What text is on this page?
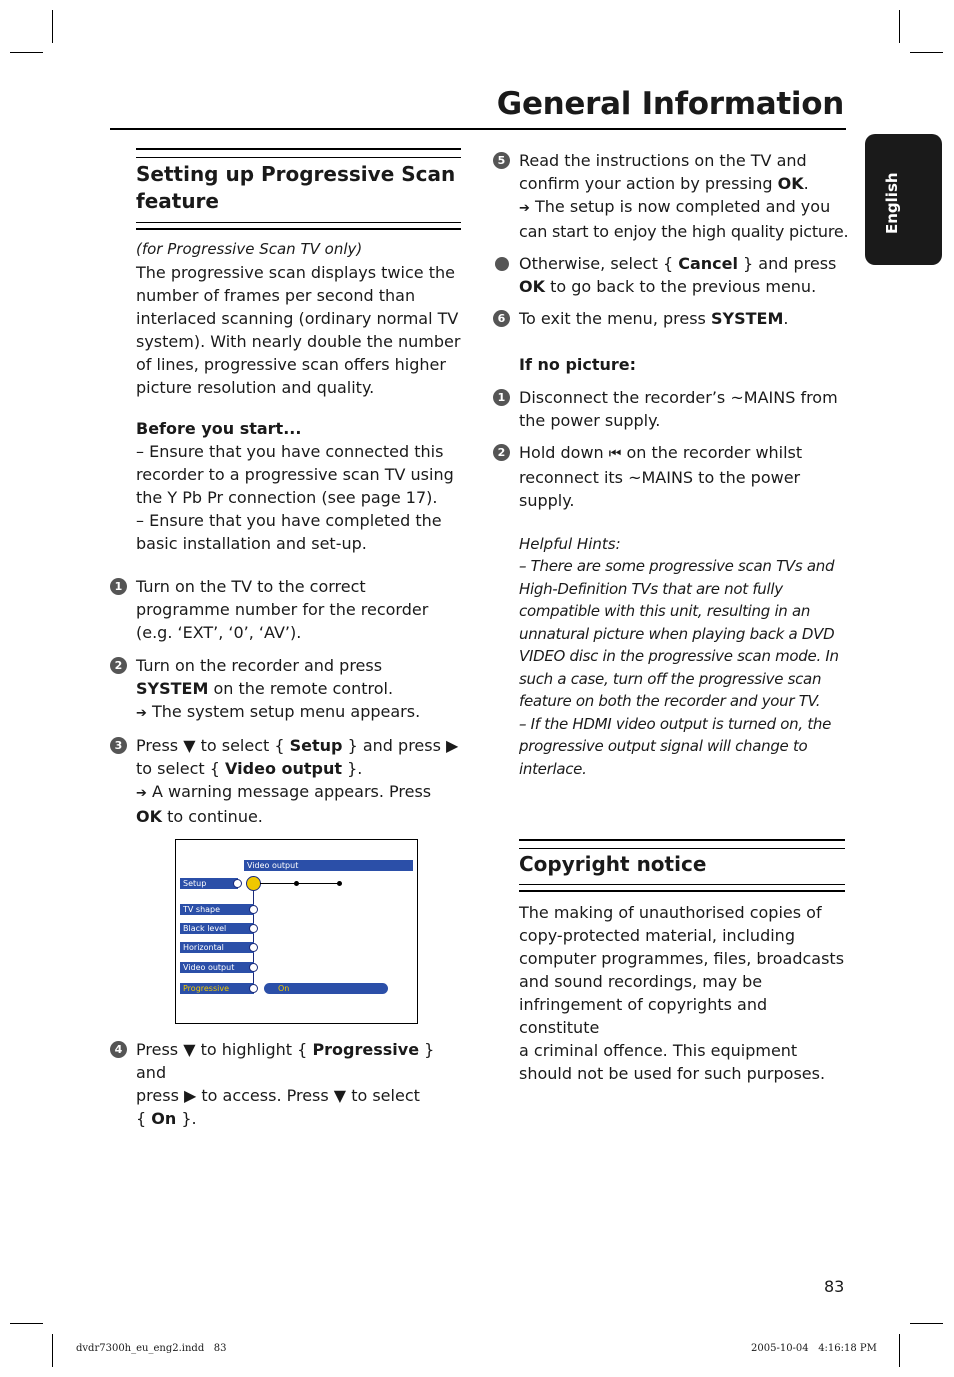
General Information
English
Setting up Progressive Scan feature
(for Progressive Scan TV only)
The progressive scan displays twice the
number of frames per second than
interlaced scanning (ordinary normal TV
system). With nearly double the number
of lines, progressive scan offers higher
picture resolution and quality.
Before you start...
– Ensure that you have connected this
recorder to a progressive scan TV using
the Y Pb Pr connection (see page 17).
– Ensure that you have completed the
basic installation and set-up.
1 Turn on the TV to the correct
programme number for the recorder
(e.g. ‘EXT’, ‘0’, ‘AV’).
2 Turn on the recorder and press
SYSTEM on the remote control.
➔ The system setup menu appears.
3 Press ▼ to select { Setup } and press ▶
to select { Video output }.
➔ A warning message appears. Press
OK to continue.
Video output
Setup
TV shape
Black level
Horizontal
Video output
Progressive	On
4 Press ▼ to highlight { Progressive } and
press ▶ to access. Press ▼ to select
{ On }.
5 Read the instructions on the TV and
confirm your action by pressing OK.
➔ The setup is now completed and you
can start to enjoy the high quality picture.
Otherwise, select { Cancel } and press
OK to go back to the previous menu.
6 To exit the menu, press SYSTEM.
If no picture:
1 Disconnect the recorder’s ~MAINS from
the power supply.
2 Hold down ⏮ on the recorder whilst
reconnect its ~MAINS to the power
supply.
Helpful Hints:
– There are some progressive scan TVs and
High-Definition TVs that are not fully
compatible with this unit, resulting in an
unnatural picture when playing back a DVD
VIDEO disc in the progressive scan mode. In
such a case, turn off the progressive scan
feature on both the recorder and your TV.
– If the HDMI video output is turned on, the
progressive output signal will change to
interlace.
Copyright notice
The making of unauthorised copies of
copy-protected material, including
computer programmes, files, broadcasts
and sound recordings, may be
infringement of copyrights and constitute
a criminal offence. This equipment
should not be used for such purposes.
83
dvdr7300h_eu_eng2.indd   83	2005-10-04   4:16:18 PM
